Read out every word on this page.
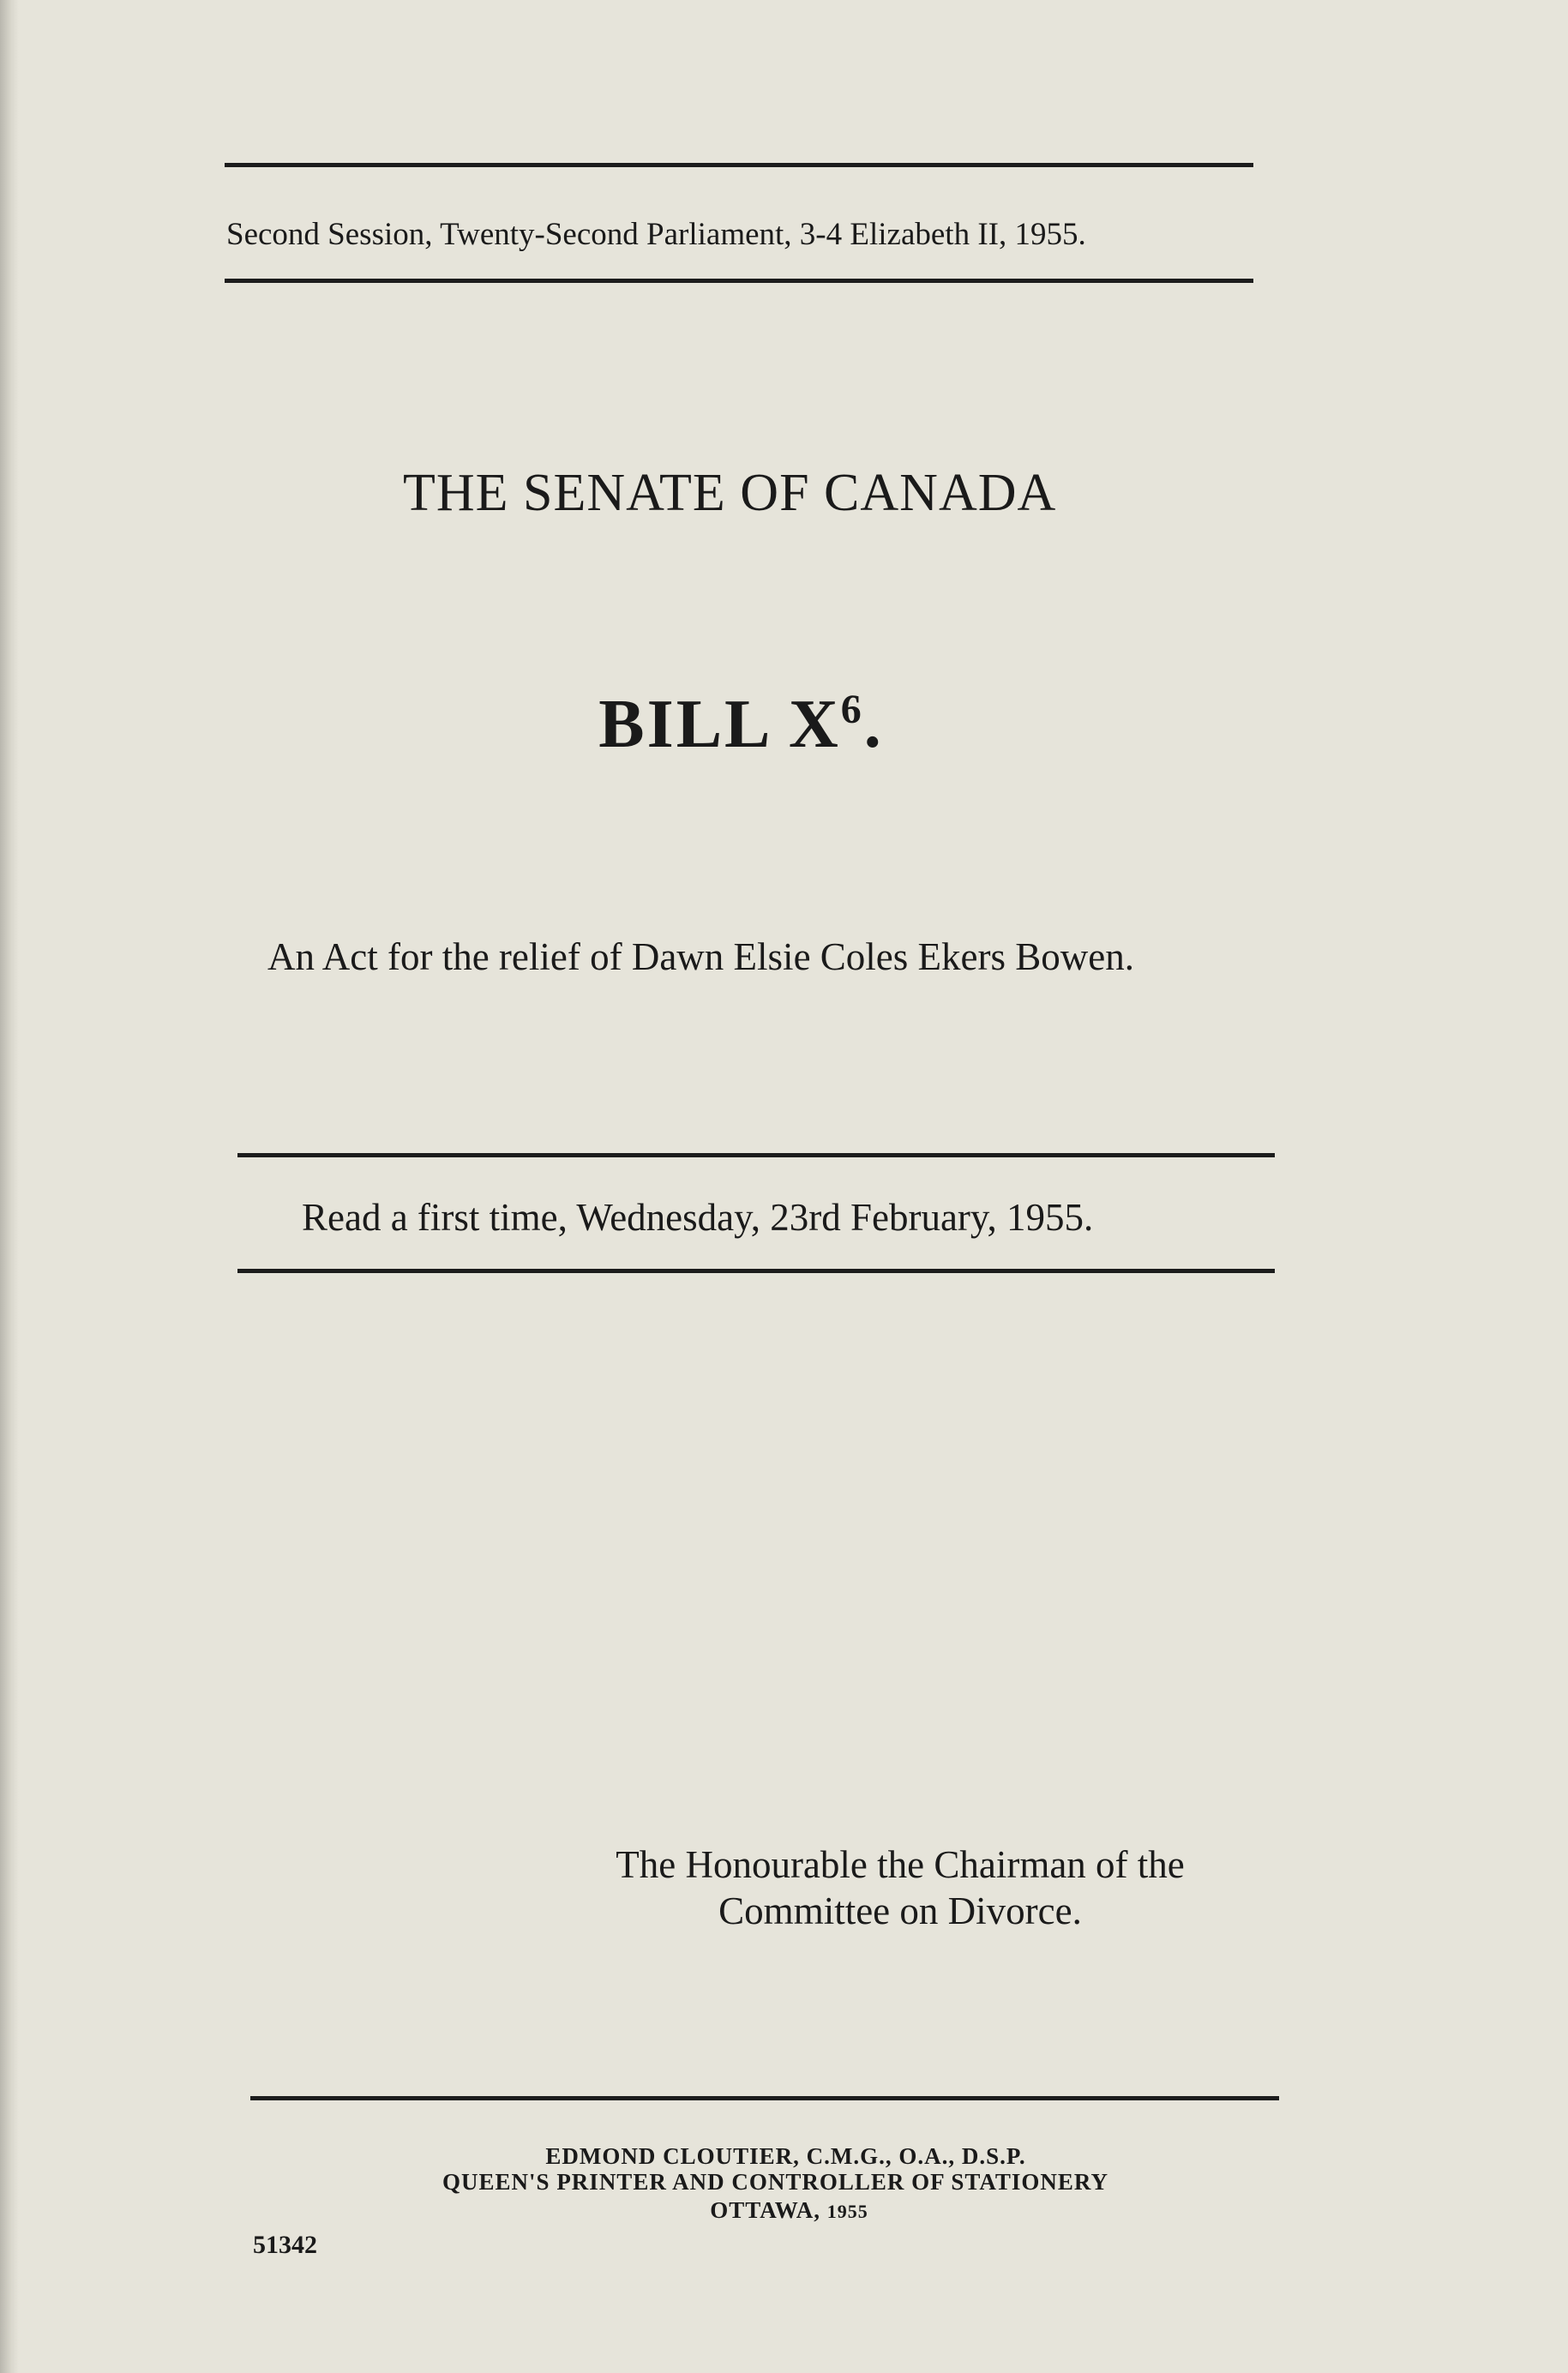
Second Session, Twenty-Second Parliament, 3-4 Elizabeth II, 1955.
THE SENATE OF CANADA
BILL $X^6$.
An Act for the relief of Dawn Elsie Coles Ekers Bowen.
Read a first time, Wednesday, 23rd February, 1955.
The Honourable the Chairman of the
Committee on Divorce.
EDMOND CLOUTIER, C.M.G., O.A., D.S.P.
QUEEN'S PRINTER AND CONTROLLER OF STATIONERY
OTTAWA, 1955
51342
